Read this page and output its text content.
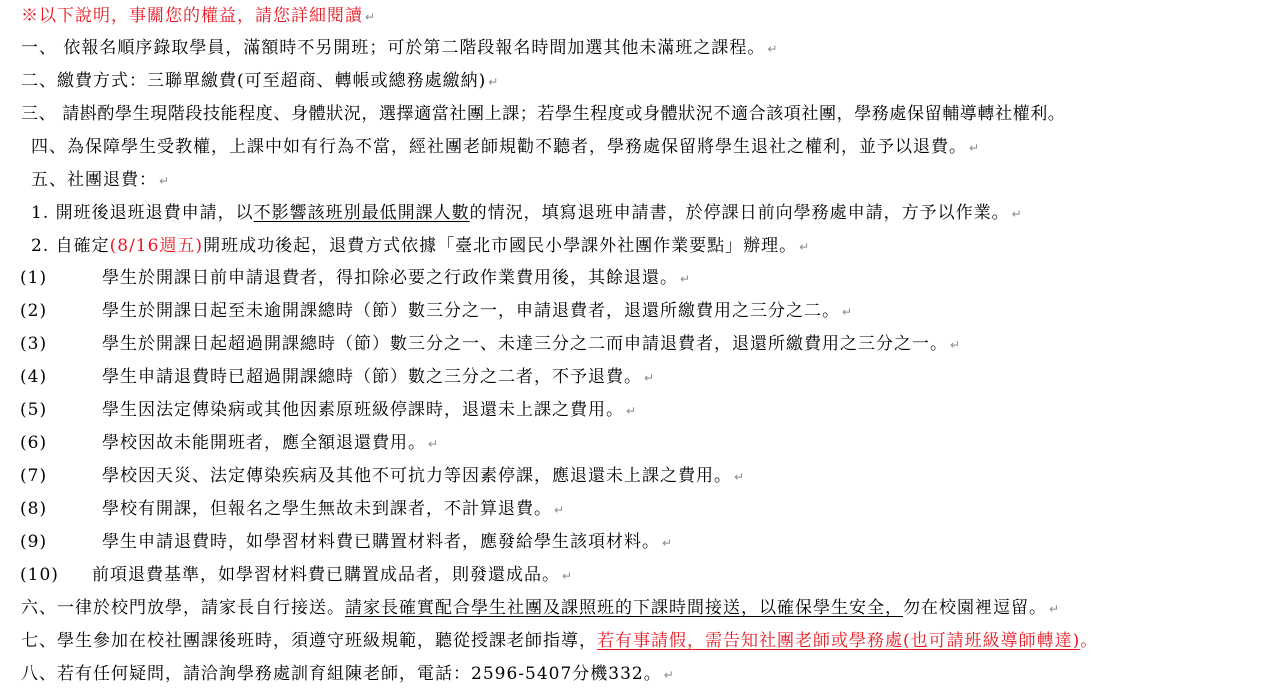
※以下說明，事關您的權益，請您詳細閱讀 ↵
一、 依報名順序錄取學員，滿額時不另開班；可於第二階段報名時間加選其他未滿班之課程。 ↵
二、繳費方式：三聯單繳費(可至超商、轉帳或總務處繳納) ↵
三、 請斟酌學生現階段技能程度、身體狀況，選擇適當社團上課；若學生程度或身體狀況不適合該項社團，學務處保留輔導轉社權利。
四、為保障學生受教權，上課中如有行為不當，經社團老師規勸不聽者，學務處保留將學生退社之權利，並予以退費。 ↵
五、社團退費： ↵
1. 開班後退班退費申請，以不影響該班別最低開課人數的情況，填寫退班申請書，於停課日前向學務處申請，方予以作業。 ↵
2. 自確定(8/16週五)開班成功後起，退費方式依據「臺北市國民小學課外社團作業要點」辦理。 ↵
(1)	學生於開課日前申請退費者，得扣除必要之行政作業費用後，其餘退還。 ↵
(2)	學生於開課日起至未逾開課總時（節）數三分之一，申請退費者，退還所繳費用之三分之二。 ↵
(3)	學生於開課日起超過開課總時（節）數三分之一、未達三分之二而申請退費者，退還所繳費用之三分之一。 ↵
(4)	學生申請退費時已超過開課總時（節）數之三分之二者，不予退費。 ↵
(5)	學生因法定傳染病或其他因素原班級停課時，退還未上課之費用。 ↵
(6)	學校因故未能開班者，應全額退還費用。 ↵
(7)	學校因天災、法定傳染疾病及其他不可抗力等因素停課，應退還未上課之費用。 ↵
(8)	學校有開課，但報名之學生無故未到課者，不計算退費。 ↵
(9)	學生申請退費時，如學習材料費已購置材料者，應發給學生該項材料。 ↵
(10) 前項退費基準，如學習材料費已購置成品者，則發還成品。 ↵
六、一律於校門放學，請家長自行接送。請家長確實配合學生社團及課照班的下課時間接送，以確保學生安全，勿在校園裡逗留。 ↵
七、學生參加在校社團課後班時，須遵守班級規範，聽從授課老師指導，若有事請假，需告知社團老師或學務處(也可請班級導師轉達)。
八、若有任何疑問，請洽詢學務處訓育組陳老師，電話：2596-5407分機332。 ↵
